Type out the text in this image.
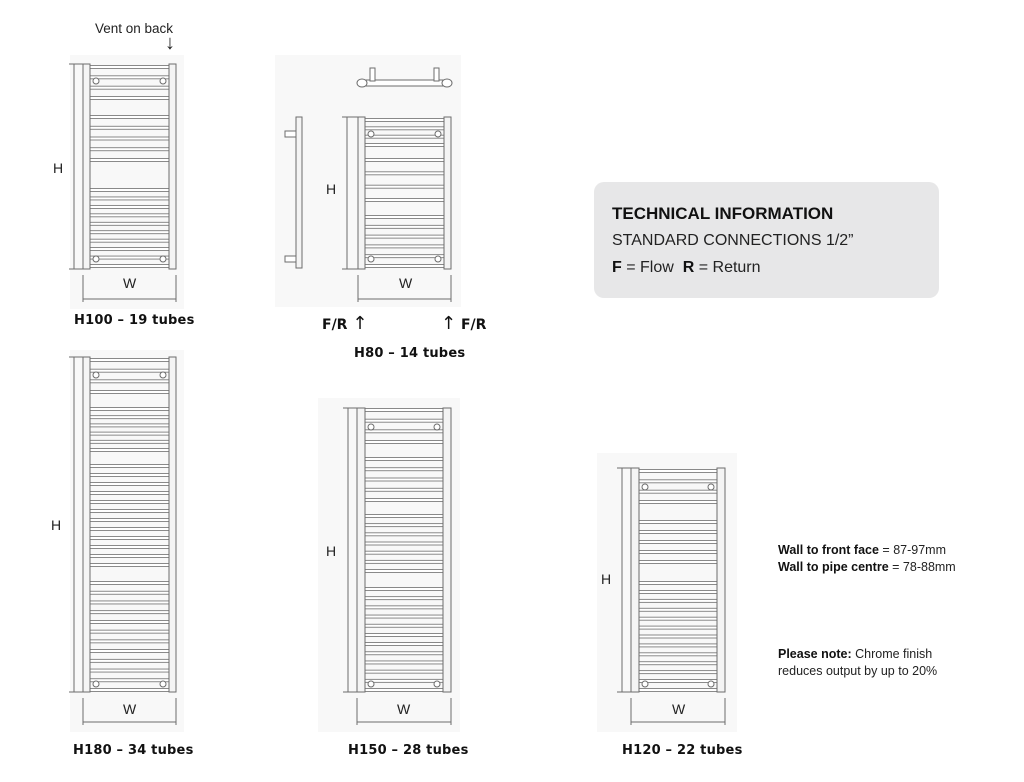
Vent on back
↓
H
W
H100 – 19 tubes
H
W
H80 – 14 tubes
H
W
H180 – 34 tubes
H
W
H150 – 28 tubes
H
W
H120 – 22 tubes
F/R ↑	↑ F/R
TECHNICAL INFORMATION
STANDARD CONNECTIONS 1/2”
F = Flow R = Return
Wall to front face = 87-97mm
Wall to pipe centre = 78-88mm
Please note: Chrome finish
reduces output by up to 20%
